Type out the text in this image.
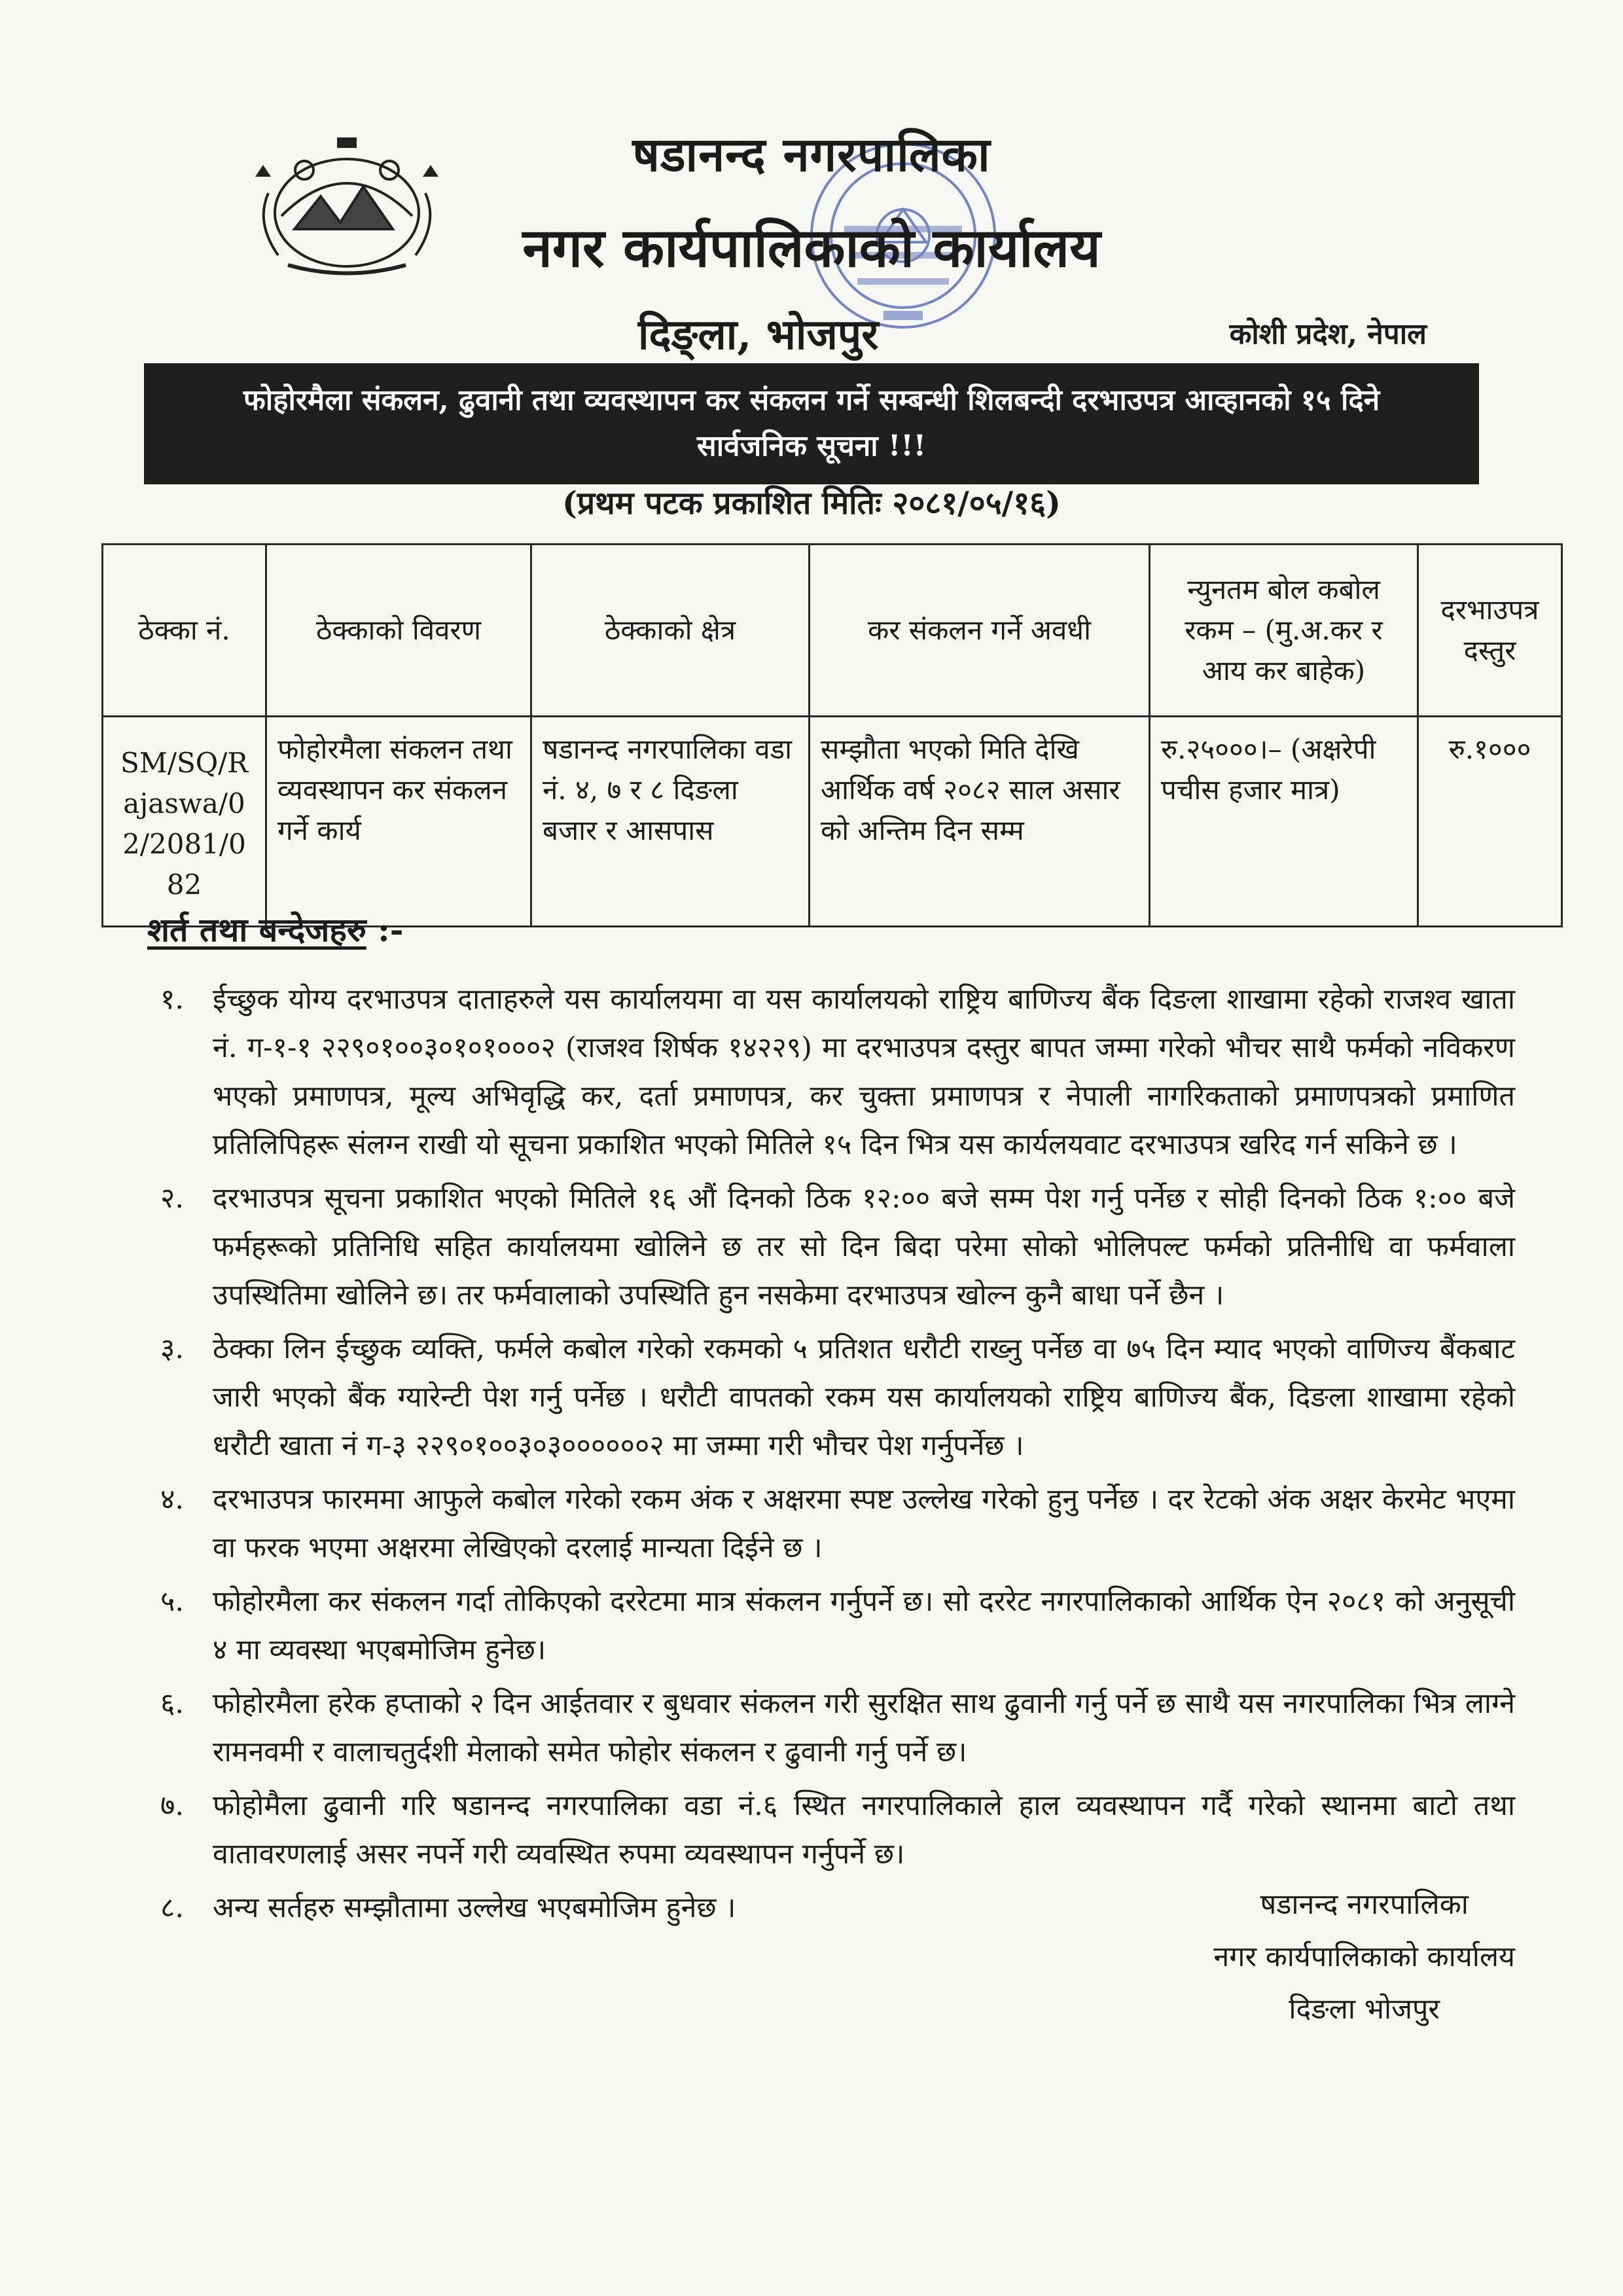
षडानन्द नगरपालिका
नगर कार्यपालिकाको कार्यालय
दिङ्ला, भोजपुर	कोशी प्रदेश, नेपाल
फोहोरमैला संकलन, ढुवानी तथा व्यवस्थापन कर संकलन गर्ने सम्बन्धी शिलबन्दी दरभाउपत्र आव्हानको १५ दिने
सार्वजनिक सूचना !!!
(प्रथम पटक प्रकाशित मितिः २०८१/०५/१६)
ठेक्का नं.	ठेक्काको विवरण	ठेक्काको क्षेत्र	कर संकलन गर्ने अवधी	न्युनतम बोल कबोल रकम – (मु.अ.कर र आय कर बाहेक)	दरभाउपत्र दस्तुर
SM/SQ/Rajaswa/02/2081/082	फोहोरमैला संकलन तथा व्यवस्थापन कर संकलन गर्ने कार्य	षडानन्द नगरपालिका वडा नं. ४, ७ र ८ दिङला बजार र आसपास	सम्झौता भएको मिति देखि आर्थिक वर्ष २०८२ साल असार को अन्तिम दिन सम्म	रु.२५०००।– (अक्षरेपी पचीस हजार मात्र)	रु.१०००
शर्त तथा बन्देजहरु :-
१.	ईच्छुक योग्य दरभाउपत्र दाताहरुले यस कार्यालयमा वा यस कार्यालयको राष्ट्रिय बाणिज्य बैंक दिङला शाखामा रहेको राजश्व खाता नं. ग-१-१ २२९०१००३०१०१०००२ (राजश्व शिर्षक १४२२९) मा दरभाउपत्र दस्तुर बापत जम्मा गरेको भौचर साथै फर्मको नविकरण भएको प्रमाणपत्र, मूल्य अभिवृद्धि कर, दर्ता प्रमाणपत्र, कर चुक्ता प्रमाणपत्र र नेपाली नागरिकताको प्रमाणपत्रको प्रमाणित प्रतिलिपिहरू संलग्न राखी यो सूचना प्रकाशित भएको मितिले १५ दिन भित्र यस कार्यलयवाट दरभाउपत्र खरिद गर्न सकिने छ ।
२.	दरभाउपत्र सूचना प्रकाशित भएको मितिले १६ औं दिनको ठिक १२:०० बजे सम्म पेश गर्नु पर्नेछ र सोही दिनको ठिक १:०० बजे फर्महरूको प्रतिनिधि सहित कार्यालयमा खोलिने छ तर सो दिन बिदा परेमा सोको भोलिपल्ट फर्मको प्रतिनीधि वा फर्मवाला उपस्थितिमा खोलिने छ। तर फर्मवालाको उपस्थिति हुन नसकेमा दरभाउपत्र खोल्न कुनै बाधा पर्ने छैन ।
३.	ठेक्का लिन ईच्छुक व्यक्ति, फर्मले कबोल गरेको रकमको ५ प्रतिशत धरौटी राख्नु पर्नेछ वा ७५ दिन म्याद भएको वाणिज्य बैंकबाट जारी भएको बैंक ग्यारेन्टी पेश गर्नु पर्नेछ । धरौटी वापतको रकम यस कार्यालयको राष्ट्रिय बाणिज्य बैंक, दिङला शाखामा रहेको धरौटी खाता नं ग-३ २२९०१००३०३००००००२ मा जम्मा गरी भौचर पेश गर्नुपर्नेछ ।
४.	दरभाउपत्र फारममा आफुले कबोल गरेको रकम अंक र अक्षरमा स्पष्ट उल्लेख गरेको हुनु पर्नेछ । दर रेटको अंक अक्षर केरमेट भएमा वा फरक भएमा अक्षरमा लेखिएको दरलाई मान्यता दिईने छ ।
५.	फोहोरमैला कर संकलन गर्दा तोकिएको दररेटमा मात्र संकलन गर्नुपर्ने छ। सो दररेट नगरपालिकाको आर्थिक ऐन २०८१ को अनुसूची ४ मा व्यवस्था भएबमोजिम हुनेछ।
६.	फोहोरमैला हरेक हप्ताको २ दिन आईतवार र बुधवार संकलन गरी सुरक्षित साथ ढुवानी गर्नु पर्ने छ साथै यस नगरपालिका भित्र लाग्ने रामनवमी र वालाचतुर्दशी मेलाको समेत फोहोर संकलन र ढुवानी गर्नु पर्ने छ।
७.	फोहोमैला ढुवानी गरि षडानन्द नगरपालिका वडा नं.६ स्थित नगरपालिकाले हाल व्यवस्थापन गर्दै गरेको स्थानमा बाटो तथा वातावरणलाई असर नपर्ने गरी व्यवस्थित रुपमा व्यवस्थापन गर्नुपर्ने छ।
८.	अन्य सर्तहरु सम्झौतामा उल्लेख भएबमोजिम हुनेछ ।	षडानन्द नगरपालिका
नगर कार्यपालिकाको कार्यालय
दिङला भोजपुर
